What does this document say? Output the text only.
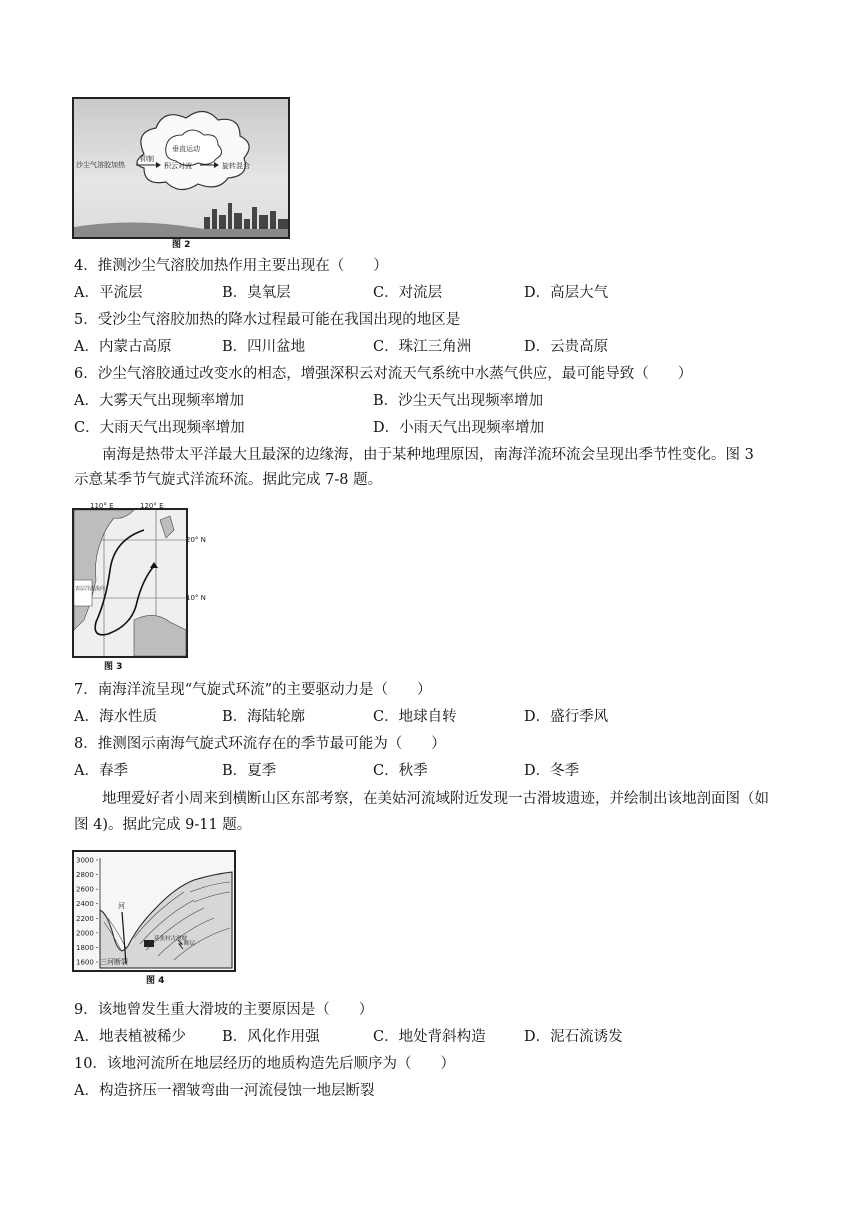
沙尘气溶胶加热
抑制
垂直运动
积云对流	旋转混合
图 2
4．推测沙尘气溶胶加热作用主要出现在（　　）
A．平流层	B．臭氧层	C．对流层	D．高层大气
5．受沙尘气溶胶加热的降水过程最可能在我国出现的地区是
A．内蒙古高原	B．四川盆地	C．珠江三角洲	D．云贵高原
6．沙尘气溶胶通过改变水的相态，增强深积云对流天气系统中水蒸气供应，最可能导致（　　）
A．大雾天气出现频率增加	B．沙尘天气出现频率增加
C．大雨天气出现频率增加	D．小雨天气出现频率增加
南海是热带太平洋最大且最深的边缘海，由于某种地理原因，南海洋流环流会呈现出季节性变化。图 3
示意某季节气旋式洋流环流。据此完成 7-8 题。
表层洋流流向
110° E	120° E
20° N
10° N
图 3
7．南海洋流呈现“气旋式环流”的主要驱动力是（　　）
A．海水性质	B．海陆轮廓	C．地球自转	D．盛行季风
8．推测图示南海气旋式环流存在的季节最可能为（　　）
A．春季	B．夏季	C．秋季	D．冬季
地理爱好者小周来到横断山区东部考察，在美姑河流域附近发现一古滑坡遗迹，并绘制出该地剖面图（如
图 4)。据此完成 9-11 题。
3000
2800
2600
2400
2200
2000
1800
1600
河
三河断裂
基张村古滑坡
断层
图 4
9．该地曾发生重大滑坡的主要原因是（　　）
A．地表植被稀少 B．风化作用强	C．地处背斜构造	D．泥石流诱发
10．该地河流所在地层经历的地质构造先后顺序为（　　）
A．构造挤压一褶皱弯曲一河流侵蚀一地层断裂
